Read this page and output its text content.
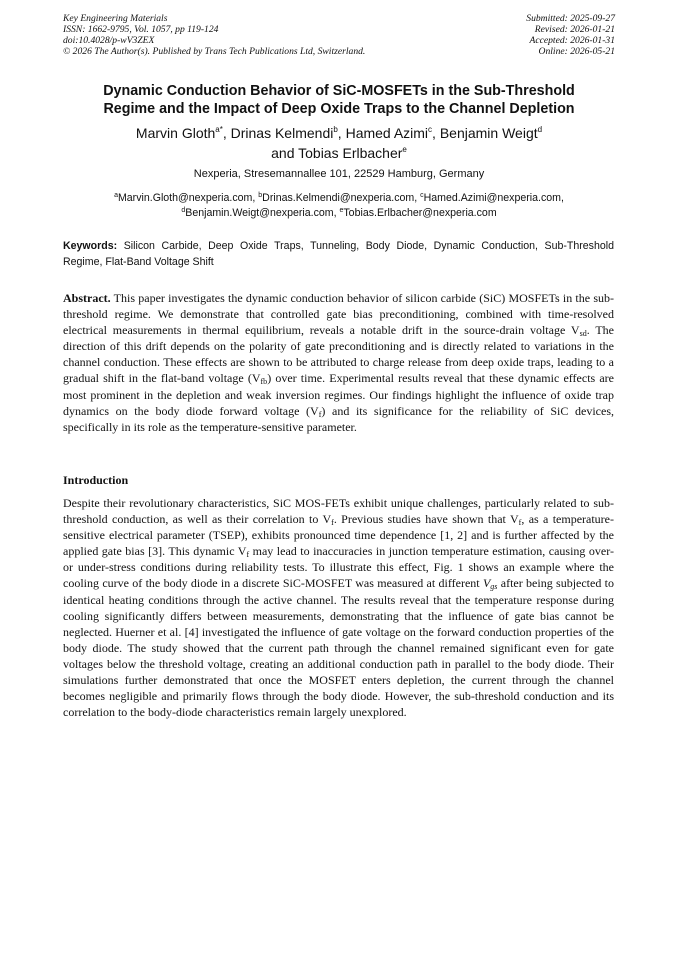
Key Engineering Materials
ISSN: 1662-9795, Vol. 1057, pp 119-124
doi:10.4028/p-wV3ZEX
© 2026 The Author(s). Published by Trans Tech Publications Ltd, Switzerland.
Submitted: 2025-09-27
Revised: 2026-01-21
Accepted: 2026-01-31
Online: 2026-05-21
Dynamic Conduction Behavior of SiC-MOSFETs in the Sub-Threshold
Regime and the Impact of Deep Oxide Traps to the Channel Depletion
Marvin Gloth$^{a*}$, Drinas Kelmendi$^b$, Hamed Azimi$^c$, Benjamin Weigt$^d$
and Tobias Erlbacher$^e$
Nexperia, Stresemannallee 101, 22529 Hamburg, Germany
$^a$Marvin.Gloth@nexperia.com, $^b$Drinas.Kelmendi@nexperia.com, $^c$Hamed.Azimi@nexperia.com,
$^d$Benjamin.Weigt@nexperia.com, $^e$Tobias.Erlbacher@nexperia.com
Keywords: Silicon Carbide, Deep Oxide Traps, Tunneling, Body Diode, Dynamic Conduction, Sub-Threshold Regime, Flat-Band Voltage Shift
Abstract. This paper investigates the dynamic conduction behavior of silicon carbide (SiC) MOSFETs in the sub-threshold regime. We demonstrate that controlled gate bias preconditioning, combined with time-resolved electrical measurements in thermal equilibrium, reveals a notable drift in the source-drain voltage $V_{sd}$. The direction of this drift depends on the polarity of gate preconditioning and is directly related to variations in the channel conduction. These effects are shown to be attributed to charge release from deep oxide traps, leading to a gradual shift in the flat-band voltage $(V_{fb})$ over time. Experimental results reveal that these dynamic effects are most prominent in the depletion and weak inversion regimes. Our findings highlight the influence of oxide trap dynamics on the body diode forward voltage $(V_f)$ and its significance for the reliability of SiC devices, specifically in its role as the temperature-sensitive parameter.
Introduction
Despite their revolutionary characteristics, SiC MOS-FETs exhibit unique challenges, particularly related to sub-threshold conduction, as well as their correlation to $V_f$. Previous studies have shown that $V_f$, as a temperature-sensitive electrical parameter (TSEP), exhibits pronounced time dependence [1, 2] and is further affected by the applied gate bias [3]. This dynamic $V_f$ may lead to inaccuracies in junction temperature estimation, causing over- or under-stress conditions during reliability tests. To illustrate this effect, Fig. 1 shows an example where the cooling curve of the body diode in a discrete SiC-MOSFET was measured at different $V_{gs}$ after being subjected to identical heating conditions through the active channel. The results reveal that the temperature response during cooling significantly differs between measurements, demonstrating that the influence of gate bias cannot be neglected. Huerner et al. [4] investigated the influence of gate voltage on the forward conduction properties of the body diode. The study showed that the current path through the channel remained significant even for gate voltages below the threshold voltage, creating an additional conduction path in parallel to the body diode. Their simulations further demonstrated that once the MOSFET enters depletion, the current through the channel becomes negligible and primarily flows through the body diode. However, the sub-threshold conduction and its correlation to the body-diode characteristics remain largely unexplored.
